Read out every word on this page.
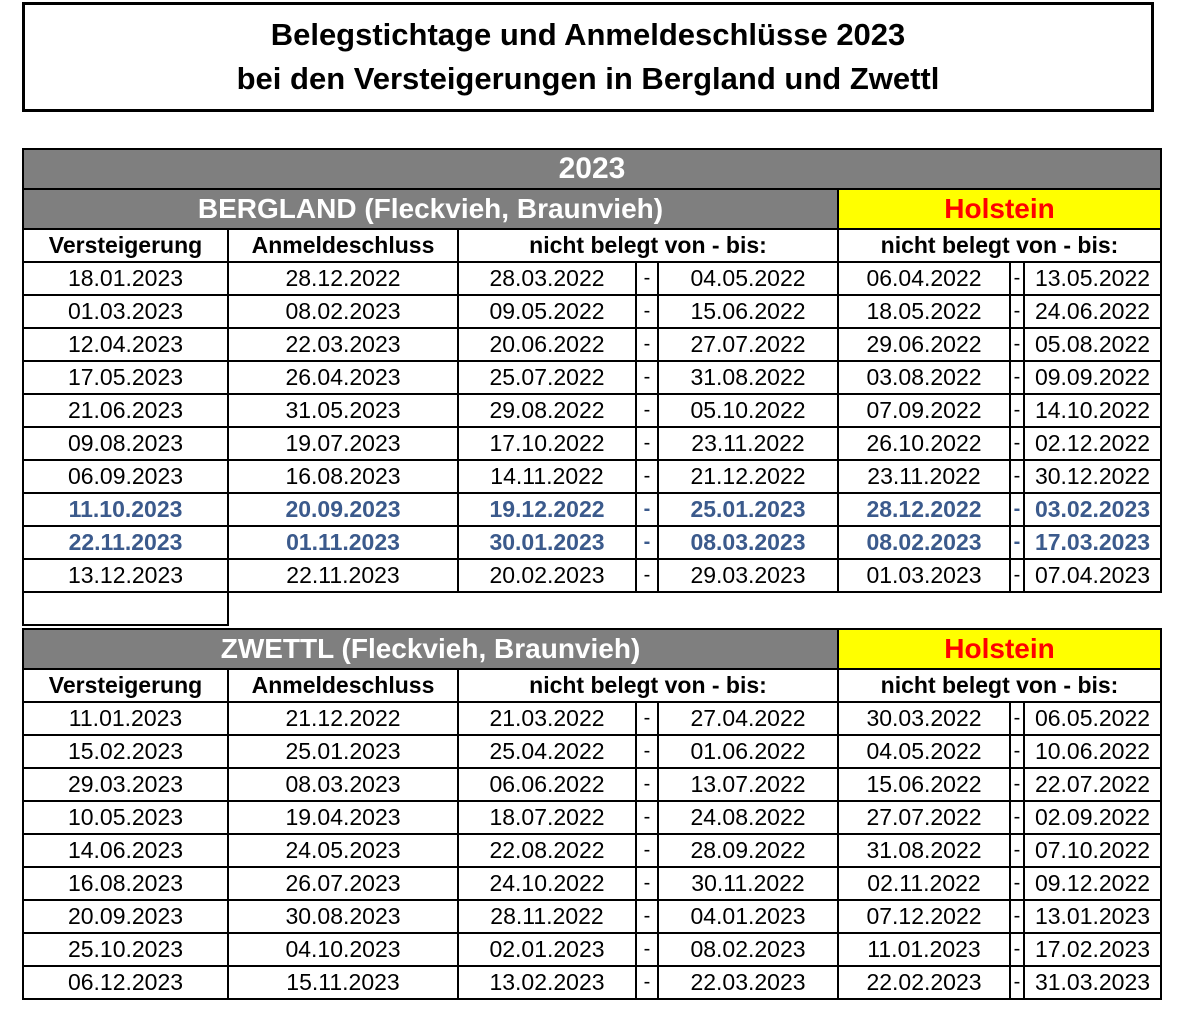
Belegstichtage und Anmeldeschlüsse 2023
bei den Versteigerungen in Bergland und Zwettl
2023							
BERGLAND (Fleckvieh, Braunvieh)					Holstein		
Versteigerung	Anmeldeschluss	nicht belegt von - bis:			nicht belegt von - bis:		
18.01.2023	28.12.2022	28.03.2022	-	04.05.2022	06.04.2022	-	13.05.2022
01.03.2023	08.02.2023	09.05.2022	-	15.06.2022	18.05.2022	-	24.06.2022
12.04.2023	22.03.2023	20.06.2022	-	27.07.2022	29.06.2022	-	05.08.2022
17.05.2023	26.04.2023	25.07.2022	-	31.08.2022	03.08.2022	-	09.09.2022
21.06.2023	31.05.2023	29.08.2022	-	05.10.2022	07.09.2022	-	14.10.2022
09.08.2023	19.07.2023	17.10.2022	-	23.11.2022	26.10.2022	-	02.12.2022
06.09.2023	16.08.2023	14.11.2022	-	21.12.2022	23.11.2022	-	30.12.2022
11.10.2023	20.09.2023	19.12.2022	-	25.01.2023	28.12.2022	-	03.02.2023
22.11.2023	01.11.2023	30.01.2023	-	08.03.2023	08.02.2023	-	17.03.2023
13.12.2023	22.11.2023	20.02.2023	-	29.03.2023	01.03.2023	-	07.04.2023

ZWETTL (Fleckvieh, Braunvieh)					Holstein		
Versteigerung	Anmeldeschluss	nicht belegt von - bis:			nicht belegt von - bis:		
11.01.2023	21.12.2022	21.03.2022	-	27.04.2022	30.03.2022	-	06.05.2022
15.02.2023	25.01.2023	25.04.2022	-	01.06.2022	04.05.2022	-	10.06.2022
29.03.2023	08.03.2023	06.06.2022	-	13.07.2022	15.06.2022	-	22.07.2022
10.05.2023	19.04.2023	18.07.2022	-	24.08.2022	27.07.2022	-	02.09.2022
14.06.2023	24.05.2023	22.08.2022	-	28.09.2022	31.08.2022	-	07.10.2022
16.08.2023	26.07.2023	24.10.2022	-	30.11.2022	02.11.2022	-	09.12.2022
20.09.2023	30.08.2023	28.11.2022	-	04.01.2023	07.12.2022	-	13.01.2023
25.10.2023	04.10.2023	02.01.2023	-	08.02.2023	11.01.2023	-	17.02.2023
06.12.2023	15.11.2023	13.02.2023	-	22.03.2023	22.02.2023	-	31.03.2023
